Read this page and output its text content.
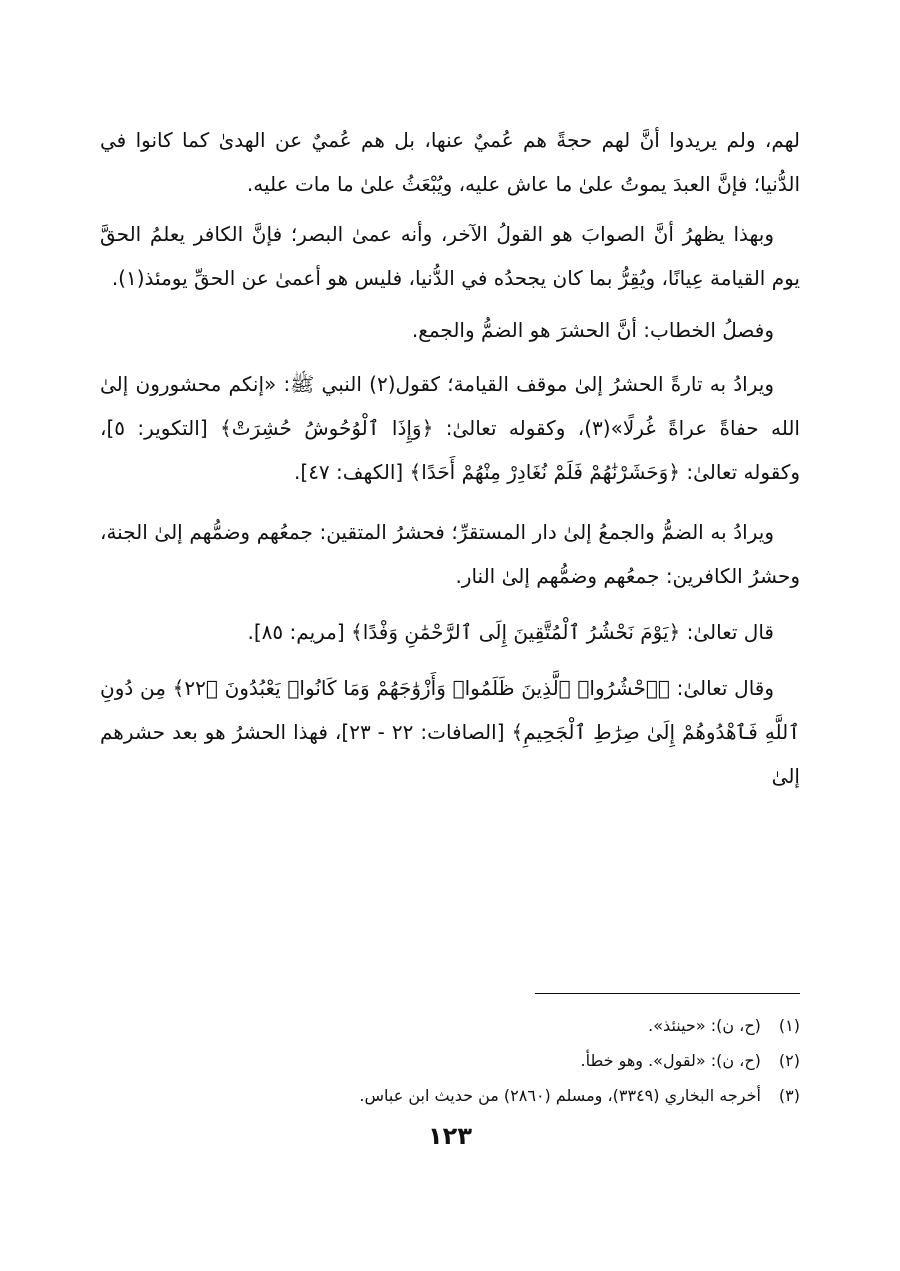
لهم، ولم يريدوا أنَّ لهم حجةً هم عُميٌ عنها، بل هم عُميٌ عن الهدىٰ كما كانوا في الدُّنيا؛ فإنَّ العبدَ يموتُ علىٰ ما عاش عليه، ويُبْعَثُ علىٰ ما مات عليه.

وبهذا يظهرُ أنَّ الصوابَ هو القولُ الآخر، وأنه عمىٰ البصر؛ فإنَّ الكافر يعلمُ الحقَّ يوم القيامة عِيانًا، ويُقِرُّ بما كان يجحدُه في الدُّنيا، فليس هو أعمىٰ عن الحقِّ يومئذ(١).

وفصلُ الخطاب: أنَّ الحشرَ هو الضمُّ والجمع.

ويرادُ به تارةً الحشرُ إلىٰ موقف القيامة؛ كقول(٢) النبي ﷺ: «إنكم محشورون إلىٰ الله حفاةً عراةً غُرلًا»(٣)، وكقوله تعالىٰ: ﴿وَإِذَا ٱلْوُحُوشُ حُشِرَتْ﴾ [التكوير: ٥]، وكقوله تعالىٰ: ﴿وَحَشَرْنَٰهُمْ فَلَمْ نُغَادِرْ مِنْهُمْ أَحَدًا﴾ [الكهف: ٤٧].

ويرادُ به الضمُّ والجمعُ إلىٰ دار المستقرِّ؛ فحشرُ المتقين: جمعُهم وضمُّهم إلىٰ الجنة، وحشرُ الكافرين: جمعُهم وضمُّهم إلىٰ النار.

قال تعالىٰ: ﴿يَوْمَ نَحْشُرُ ٱلْمُتَّقِينَ إِلَى ٱلرَّحْمَٰنِ وَفْدًا﴾ [مريم: ٨٥].

وقال تعالىٰ: ﴿ٱحْشُرُوا۟ ٱلَّذِينَ ظَلَمُوا۟ وَأَزْوَٰجَهُمْ وَمَا كَانُوا۟ يَعْبُدُونَ ﴿٢٢﴾ مِن دُونِ ٱللَّهِ فَٱهْدُوهُمْ إِلَىٰ صِرَٰطِ ٱلْجَحِيمِ﴾ [الصافات: ٢٢ - ٢٣]، فهذا الحشرُ هو بعد حشرهم إلىٰ

(١) (ح، ن): «حينئذ».
(٢) (ح، ن): «لقول». وهو خطأ.
(٣) أخرجه البخاري (٣٣٤٩)، ومسلم (٢٨٦٠) من حديث ابن عباس.
١٢٣
